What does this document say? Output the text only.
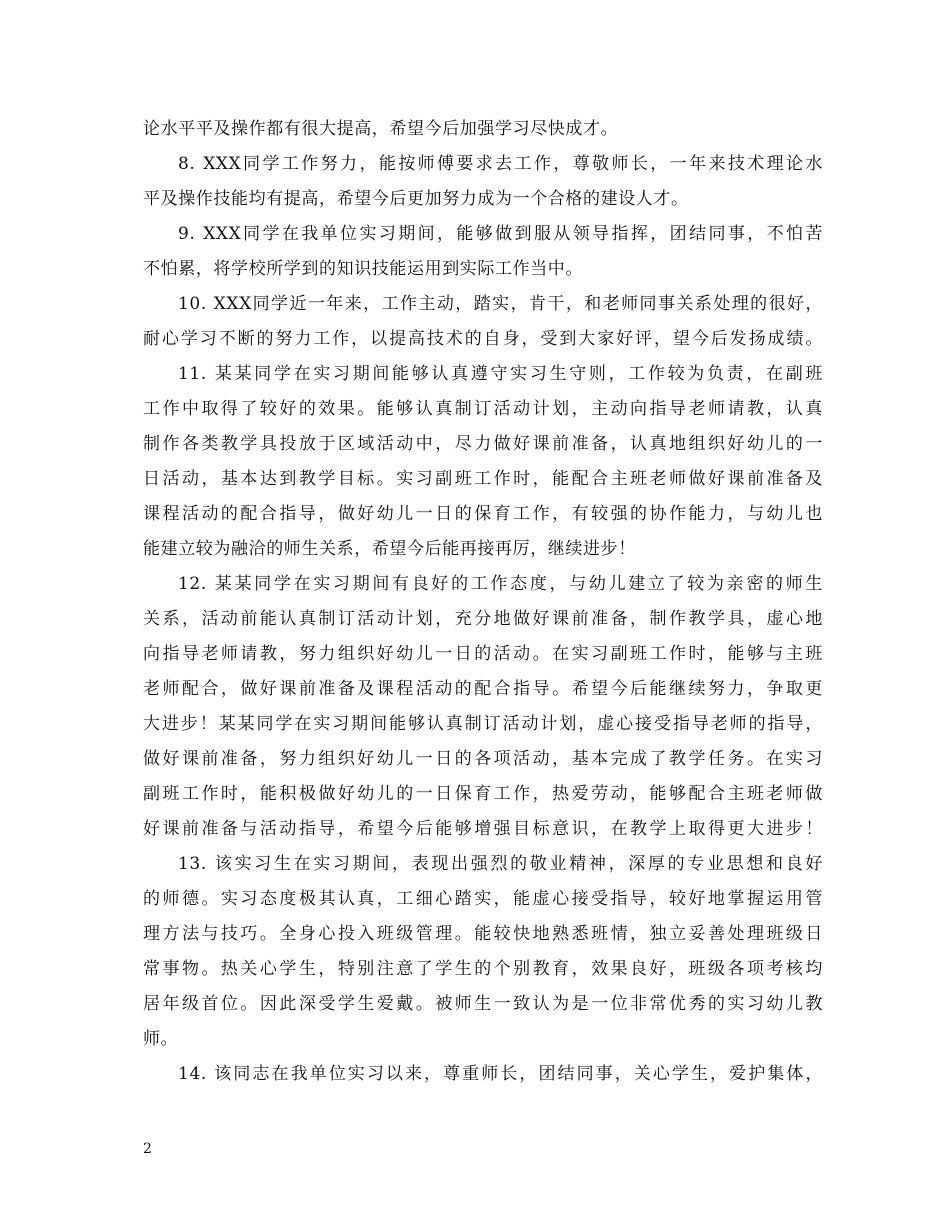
论水平平及操作都有很大提高，希望今后加强学习尽快成才。
8. XXX同学工作努力，能按师傅要求去工作，尊敬师长，一年来技术理论水
平及操作技能均有提高，希望今后更加努力成为一个合格的建设人才。
9. XXX同学在我单位实习期间，能够做到服从领导指挥，团结同事，不怕苦
不怕累，将学校所学到的知识技能运用到实际工作当中。
10. XXX同学近一年来，工作主动，踏实，肯干，和老师同事关系处理的很好，
耐心学习不断的努力工作，以提高技术的自身，受到大家好评，望今后发扬成绩。
11. 某某同学在实习期间能够认真遵守实习生守则，工作较为负责，在副班
工作中取得了较好的效果。能够认真制订活动计划，主动向指导老师请教，认真
制作各类教学具投放于区域活动中，尽力做好课前准备，认真地组织好幼儿的一
日活动，基本达到教学目标。实习副班工作时，能配合主班老师做好课前准备及
课程活动的配合指导，做好幼儿一日的保育工作，有较强的协作能力，与幼儿也
能建立较为融洽的师生关系，希望今后能再接再厉，继续进步！
12. 某某同学在实习期间有良好的工作态度，与幼儿建立了较为亲密的师生
关系，活动前能认真制订活动计划，充分地做好课前准备，制作教学具，虚心地
向指导老师请教，努力组织好幼儿一日的活动。在实习副班工作时，能够与主班
老师配合，做好课前准备及课程活动的配合指导。希望今后能继续努力，争取更
大进步！某某同学在实习期间能够认真制订活动计划，虚心接受指导老师的指导，
做好课前准备，努力组织好幼儿一日的各项活动，基本完成了教学任务。在实习
副班工作时，能积极做好幼儿的一日保育工作，热爱劳动，能够配合主班老师做
好课前准备与活动指导，希望今后能够增强目标意识，在教学上取得更大进步！
13. 该实习生在实习期间，表现出强烈的敬业精神，深厚的专业思想和良好
的师德。实习态度极其认真，工细心踏实，能虚心接受指导，较好地掌握运用管
理方法与技巧。全身心投入班级管理。能较快地熟悉班情，独立妥善处理班级日
常事物。热关心学生，特别注意了学生的个别教育，效果良好，班级各项考核均
居年级首位。因此深受学生爱戴。被师生一致认为是一位非常优秀的实习幼儿教
师。
14. 该同志在我单位实习以来，尊重师长，团结同事，关心学生，爱护集体，
2
